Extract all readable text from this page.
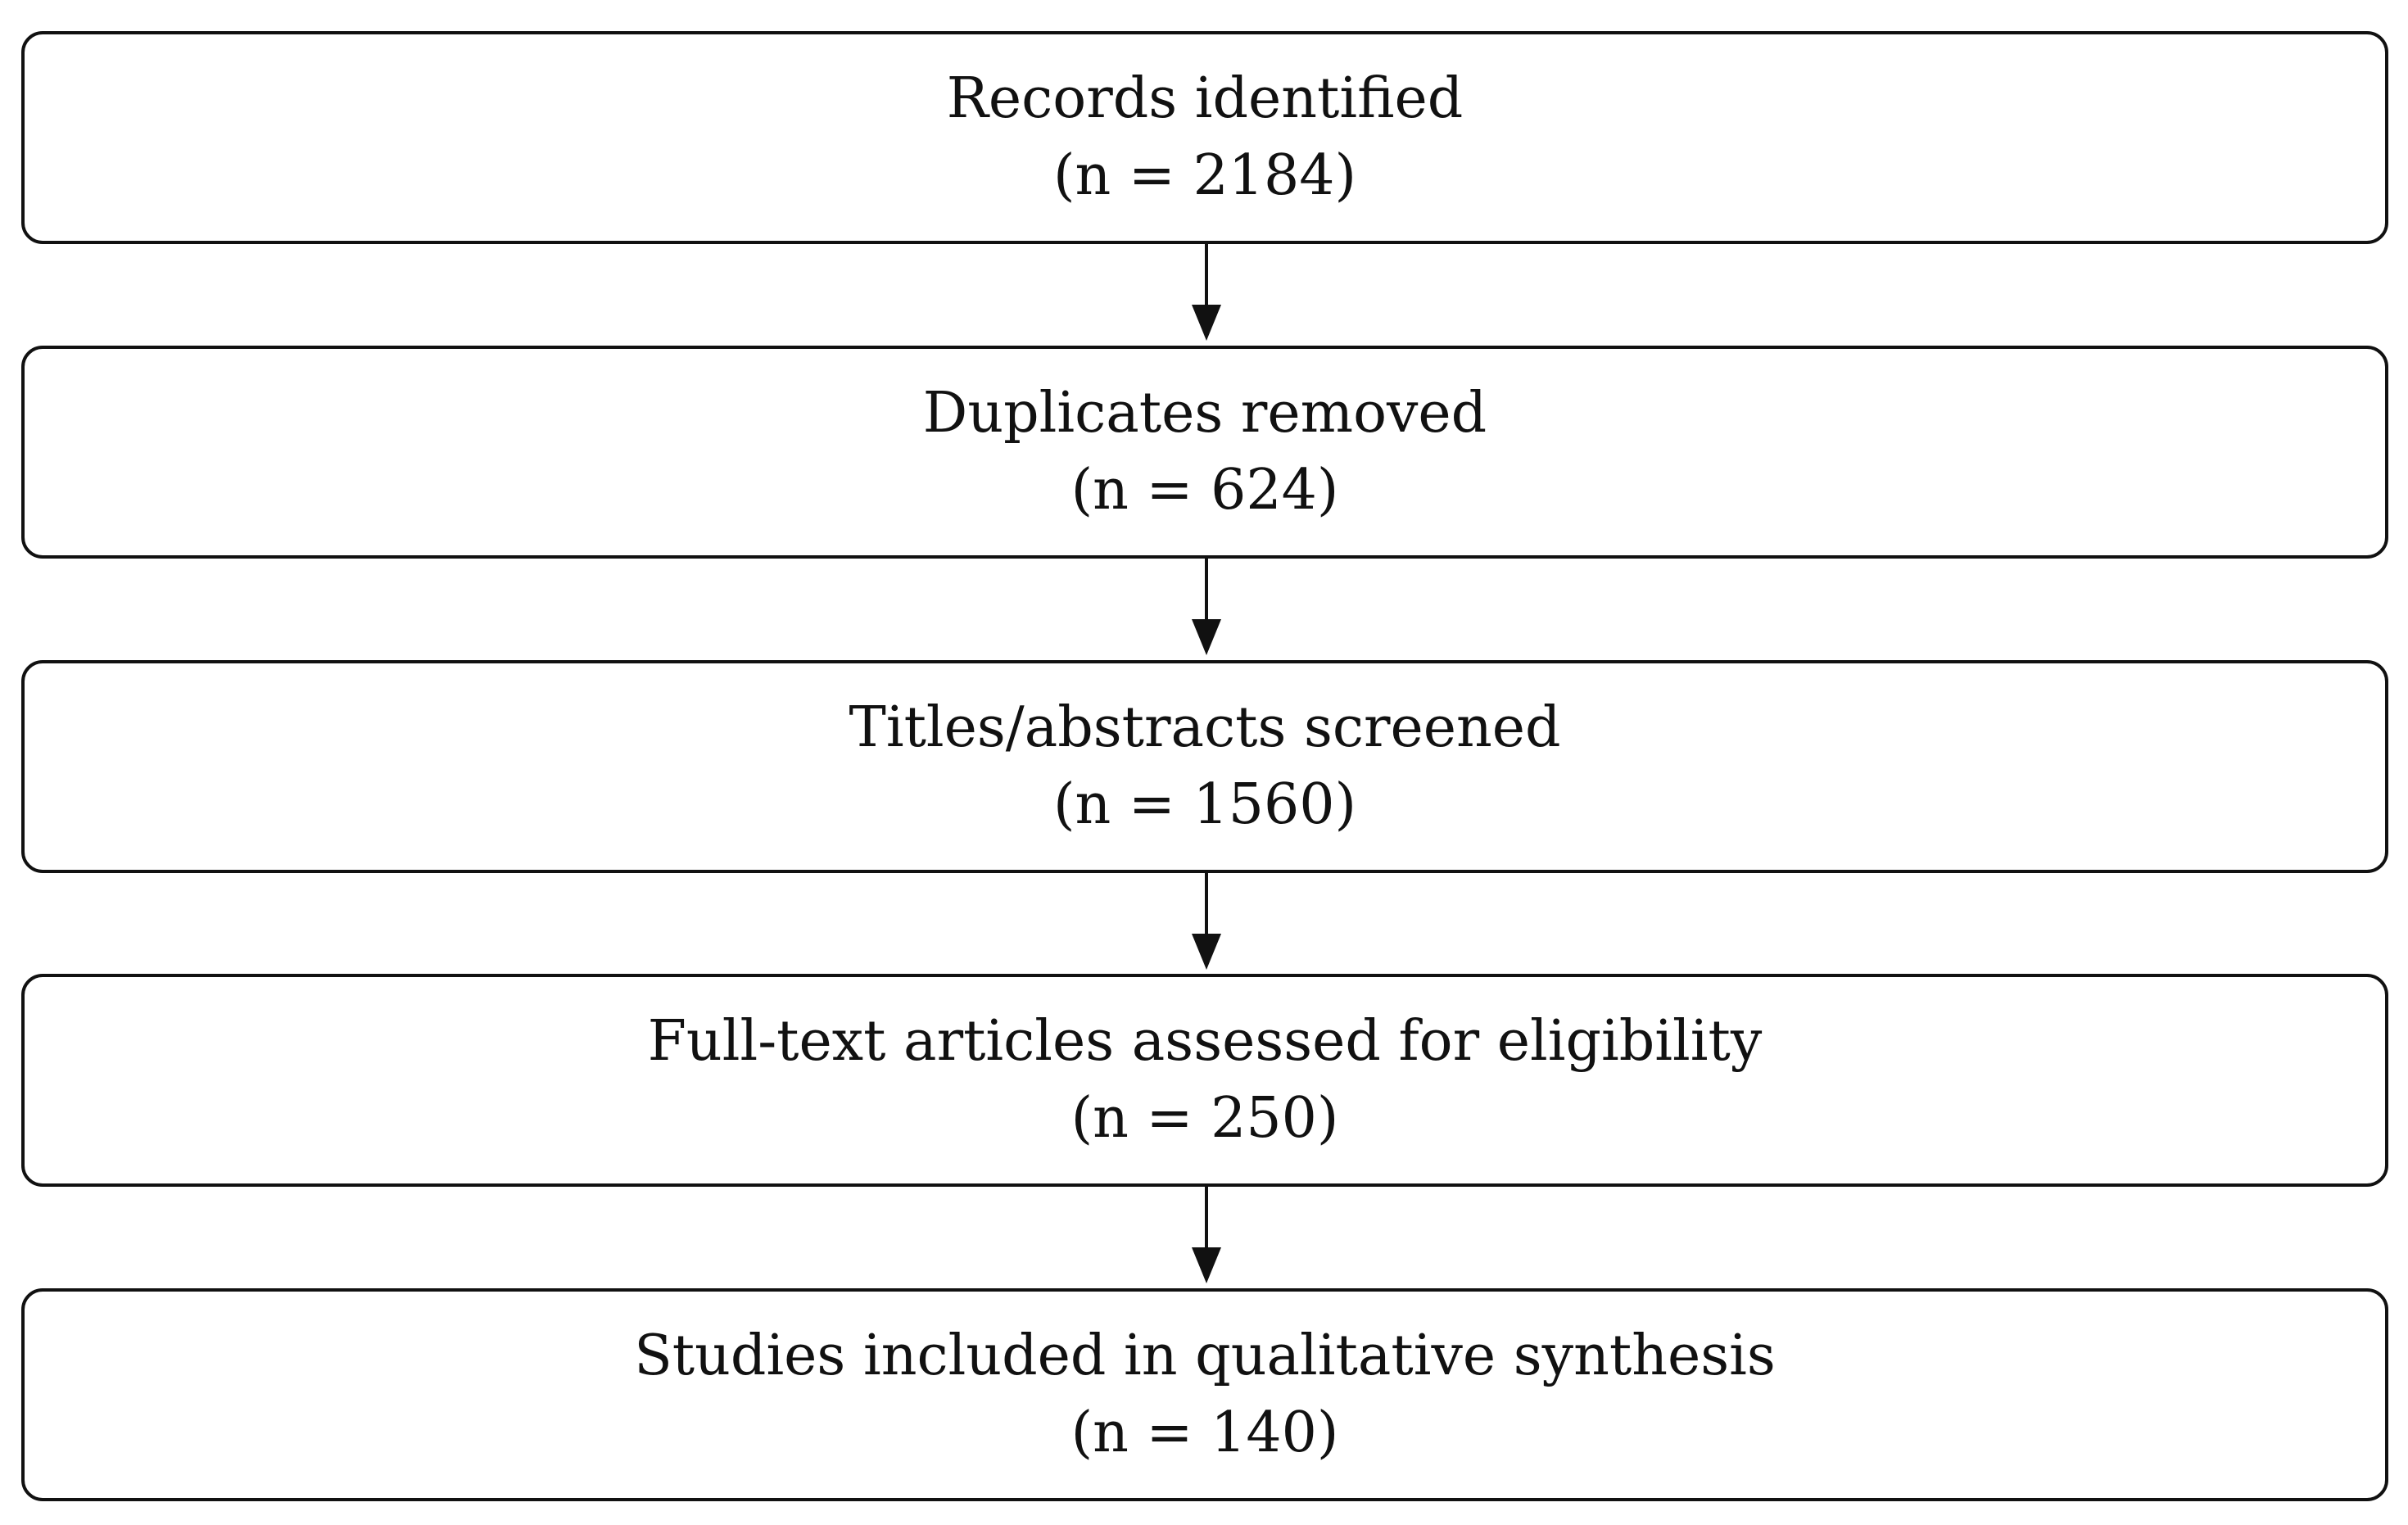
Records identified
(n = 2184)
Duplicates removed
(n = 624)
Titles/abstracts screened
(n = 1560)
Full-text articles assessed for eligibility
(n = 250)
Studies included in qualitative synthesis
(n = 140)
